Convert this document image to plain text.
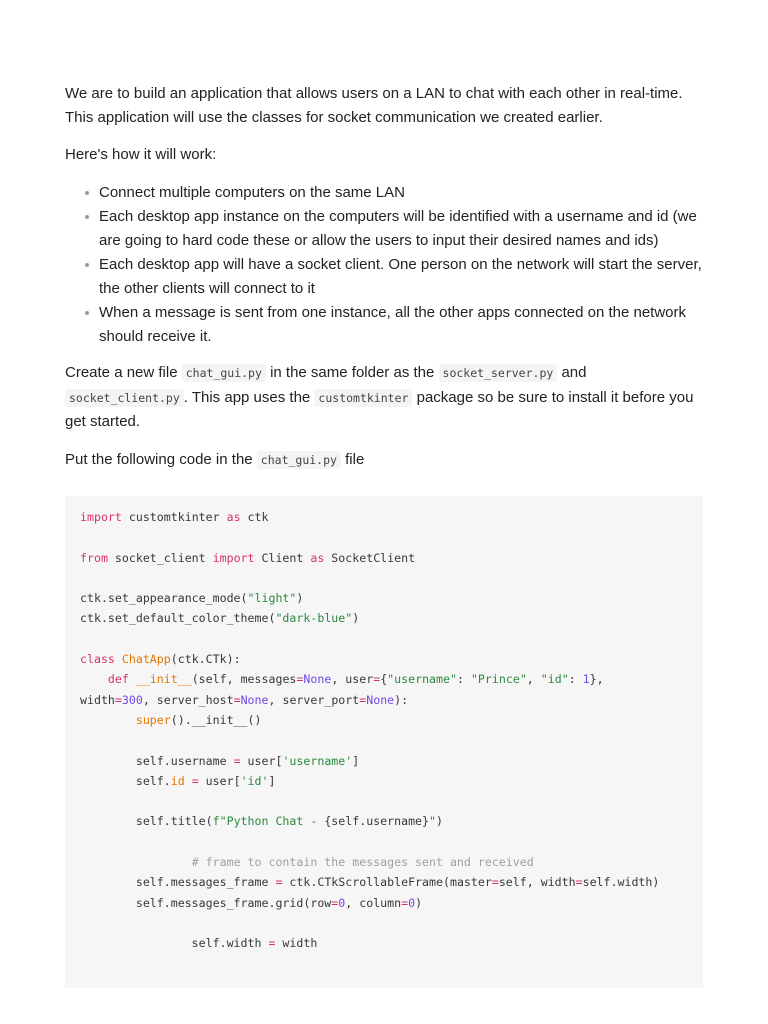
We are to build an application that allows users on a LAN to chat with each other in real-time. This application will use the classes for socket communication we created earlier.

Here's how it will work:

Connect multiple computers on the same LAN
Each desktop app instance on the computers will be identified with a username and id (we are going to hard code these or allow the users to input their desired names and ids)
Each desktop app will have a socket client. One person on the network will start the server, the other clients will connect to it
When a message is sent from one instance, all the other apps connected on the network should receive it.

Create a new file chat_gui.py in the same folder as the socket_server.py and socket_client.py . This app uses the customtkinter package so be sure to install it before you get started.

Put the following code in the chat_gui.py file

import customtkinter as ctk
from socket_client import Client as SocketClient
ctk.set_appearance_mode("light")
ctk.set_default_color_theme("dark-blue")
class ChatApp(ctk.CTk):
def __init__(self, messages=None, user={"username": "Prince", "id": 1},
width=300, server_host=None, server_port=None):
super().__init__()
self.username = user['username']
self.id = user['id']
self.title(f"Python Chat - {self.username}")
# frame to contain the messages sent and received
self.messages_frame = ctk.CTkScrollableFrame(master=self, width=self.width)
self.messages_frame.grid(row=0, column=0)
self.width = width
